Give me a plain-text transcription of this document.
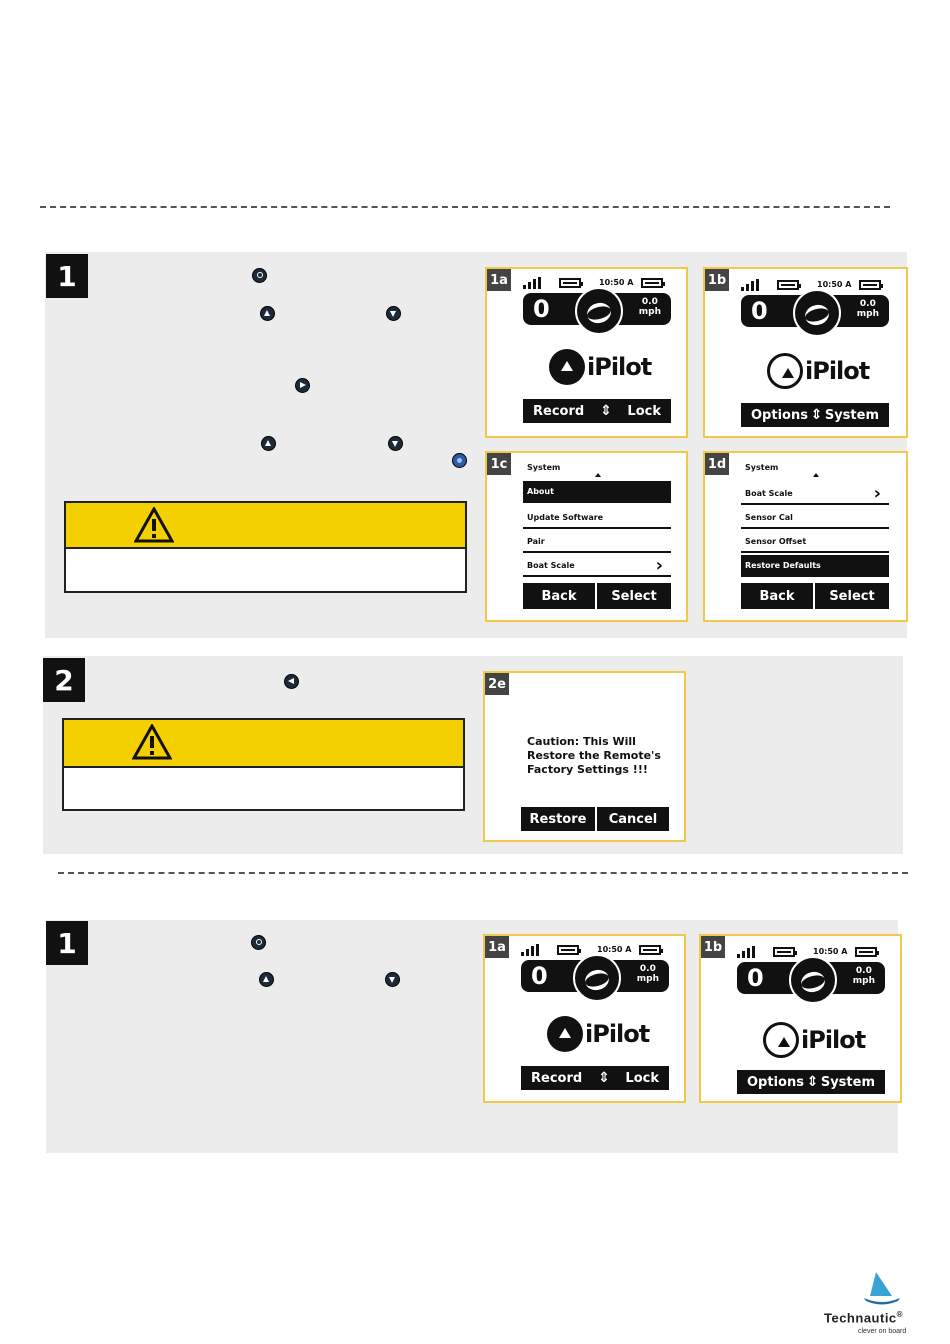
1	1a	10:50 A
0	0.0
mph
iPilot
Record ⇕ Lock
1b	10:50 A
0	0.0
mph
iPilot
Options ⇕ System
1c	System
About
Update Software
Pair
Boat Scale	›
Back	Select
1d	System
Boat Scale	›
Sensor Cal
Sensor Offset
Restore Defaults
Back	Select
2	2e
Caution: This Will
Restore the Remote's
Factory Settings !!!
Restore	Cancel
1	1a	10:50 A
0	0.0
mph
iPilot
Record ⇕ Lock
1b	10:50 A
0	0.0
mph
iPilot
Options ⇕ System
Technautic®
clever on board
